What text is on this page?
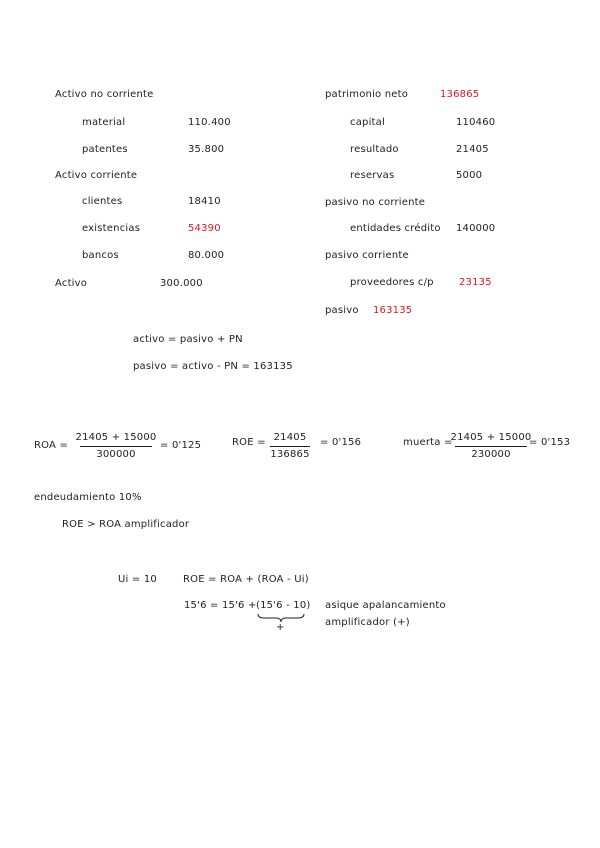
Activo no corriente
material	110.400
patentes	35.800
Activo corriente
clientes	18410
existencias	54390
bancos	80.000
Activo	300.000
patrimonio neto	136865
capital	110460
resultado	21405
reservas	5000
pasivo no corriente
entidades crédito 140000
pasivo corriente
proveedores c/p	23135
pasivo 163135
activo = pasivo + PN
pasivo = activo - PN = 163135
ROA =
21405 + 15000
300000
= 0'125	ROE = 21405
136865
= 0'156	muerta =
21405 + 15000
230000
= 0'153
endeudamiento 10%
ROE > ROA amplificador
Ui = 10	ROE = ROA + (ROA - Ui)
15'6 = 15'6 + (15'6 - 10)
+
asique apalancamiento
amplificador (+)
